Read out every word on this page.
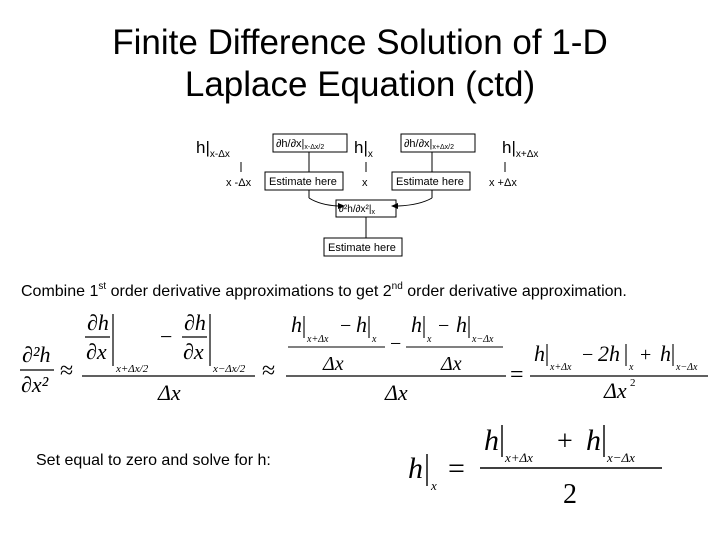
Finite Difference Solution of 1-D
Laplace Equation (ctd)
$h|_{x-\Delta x}$	$h|_x$	$h|_{x+\Delta x}$
∂h/∂x|x-Δx/2	∂h/∂x|x+Δx/2
x -Δx	x	x +Δx
Estimate here	Estimate here
$\partial^2h/\partial x^2|_x$
Estimate here
Combine 1st order derivative approximations to get 2nd order derivative approximation.
∂²h
∂x²
≈
∂h
∂x
x+Δx/2
−
∂h
∂x
x−Δx/2
Δx
≈
h
x+Δx
− h
x
Δx
−
h
x
− h
x−Δx
Δx
Δx
=
h
x+Δx
− 2h
x
+ h
x−Δx
Δx 2
Set equal to zero and solve for h:	h
x
=
h
x+Δx
+ h
x−Δx
2
